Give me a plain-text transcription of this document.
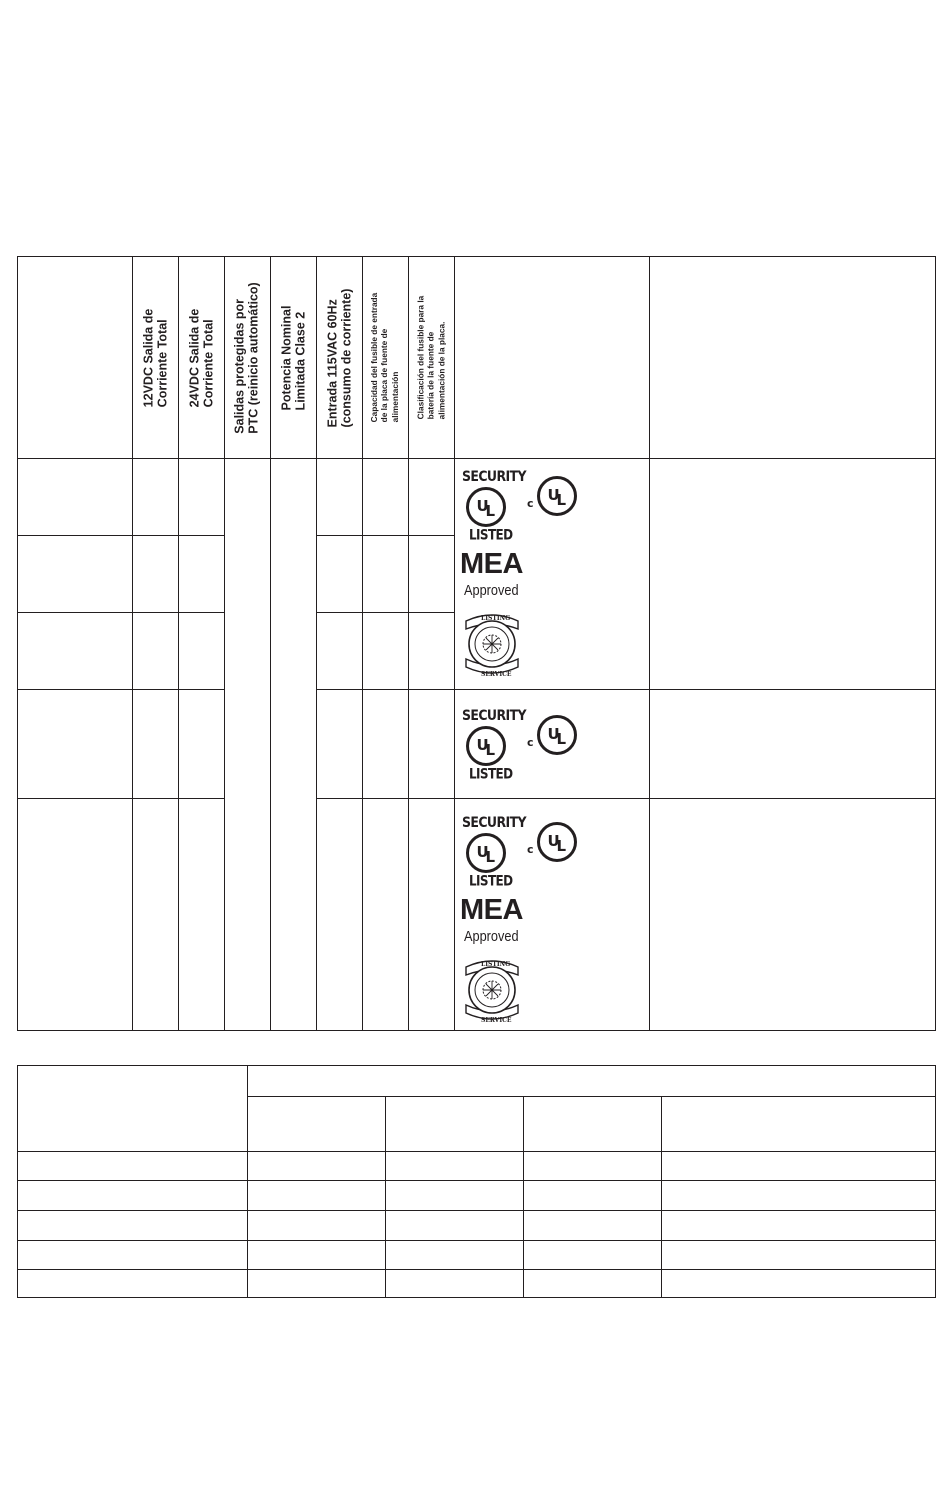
12VDC Salida de Corriente Total 24VDC Salida de Corriente Total Salidas protegidas por PTC (reinicio automático) Potencia Nominal Limitada Clase 2 Entrada 115VAC 60Hz (consumo de corriente) Capacidad del fusible de entrada de la placa de fuente de alimentación Clasificación del fusible para la batería de la fuente de alimentación de la placa.
SECURITY
U
L
LISTED
c U
L
MEA
Approved
LISTING
SERVICE
SECURITY
U
L
LISTED
c U
L
SECURITY
U
L
LISTED
c U
L
MEA
Approved
LISTING
SERVICE
